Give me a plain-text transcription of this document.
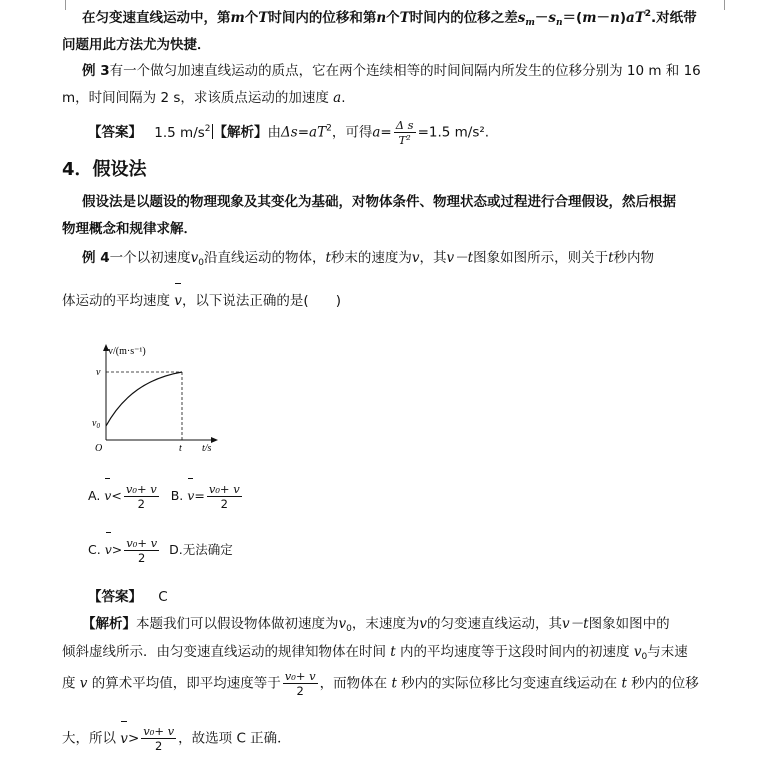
在匀变速直线运动中，第m个T时间内的位移和第n个T时间内的位移之差$s_m-s_n=(m-n)aT^2$.对纸带
问题用此方法尤为快捷．
例 3有一个做匀加速直线运动的质点，它在两个连续相等的时间间隔内所发生的位移分别为 10 m 和 16
m，时间间隔为 2 s，求该质点运动的加速度 a.
【答案】 1.5 $m/s^2$ 【解析】由$\Delta s=aT^2$，可得$a= \frac{\text{Δ s}}{\text{T²}} =1.5$ m/s².
4．假设法
假设法是以题设的物理现象及其变化为基础，对物体条件、物理状态或过程进行合理假设，然后根据
物理概念和规律求解．
例 4一个以初速度$v_0$沿直线运动的物体，t秒末的速度为v，其v－t图象如图所示，则关于t秒内物
体运动的平均速度 v，以下说法正确的是(　　)
v/(m·s⁻¹)
v
$v_0$
O	t t/s
A. $v< \frac{\text{v₀+ v}}{2} B$. $v= \frac{\text{v₀+ v}}{2}$
C. $v> \frac{\text{v₀+ v}}{2} D$.无法确定
【答案】 C
【解析】本题我们可以假设物体做初速度为$v_0$，末速度为v的匀变速直线运动，其v－t图象如图中的
倾斜虚线所示．由匀变速直线运动的规律知物体在时间 t 内的平均速度等于这段时间内的初速度 $v_0$与末速
度 v 的算术平均值，即平均速度等于 $\frac{\text{v₀+ v}}{2}$ ，而物体在 t 秒内的实际位移比匀变速直线运动在 t 秒内的位移
大，所以 $v> \frac{\text{v₀+ v}}{2}$ ，故选项 C 正确．
